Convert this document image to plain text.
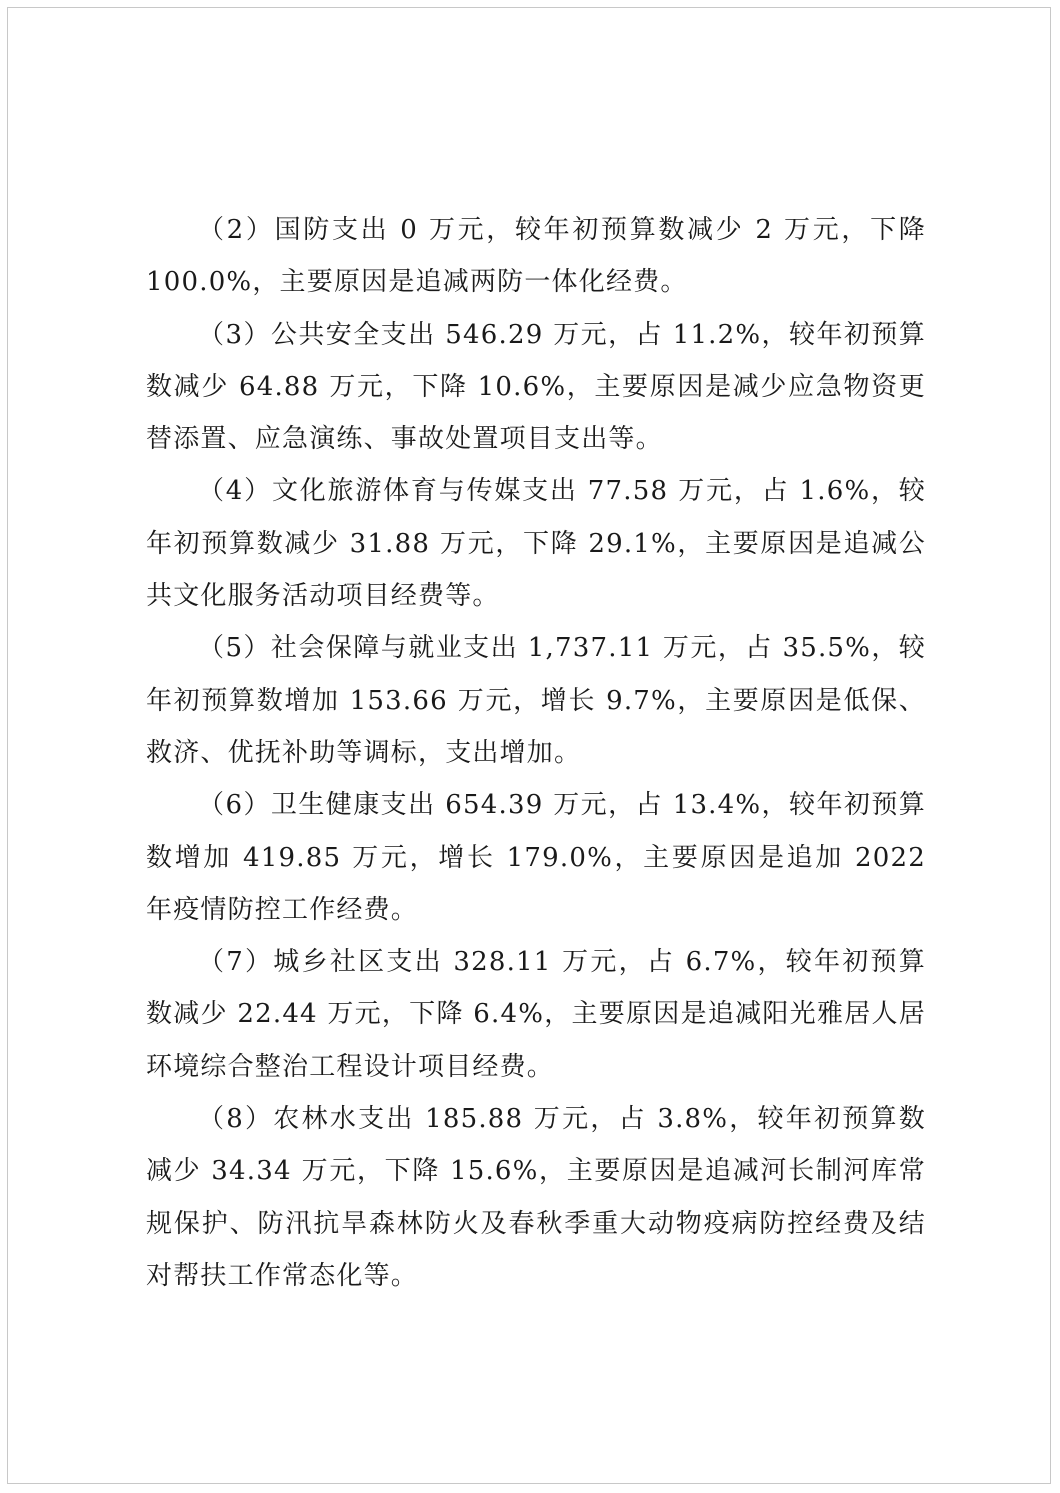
（2）国防支出 0 万元，较年初预算数减少 2 万元，下降 100.0%，主要原因是追减两防一体化经费。

（3）公共安全支出 546.29 万元，占 11.2%，较年初预算数减少 64.88 万元，下降 10.6%，主要原因是减少应急物资更替添置、应急演练、事故处置项目支出等。

（4）文化旅游体育与传媒支出 77.58 万元，占 1.6%，较年初预算数减少 31.88 万元，下降 29.1%，主要原因是追减公共文化服务活动项目经费等。

（5）社会保障与就业支出 1,737.11 万元，占 35.5%，较年初预算数增加 153.66 万元，增长 9.7%，主要原因是低保、救济、优抚补助等调标，支出增加。

（6）卫生健康支出 654.39 万元，占 13.4%，较年初预算数增加 419.85 万元，增长 179.0%，主要原因是追加 2022 年疫情防控工作经费。

（7）城乡社区支出 328.11 万元，占 6.7%，较年初预算数减少 22.44 万元，下降 6.4%，主要原因是追减阳光雅居人居环境综合整治工程设计项目经费。

（8）农林水支出 185.88 万元，占 3.8%，较年初预算数减少 34.34 万元，下降 15.6%，主要原因是追减河长制河库常规保护、防汛抗旱森林防火及春秋季重大动物疫病防控经费及结对帮扶工作常态化等。
